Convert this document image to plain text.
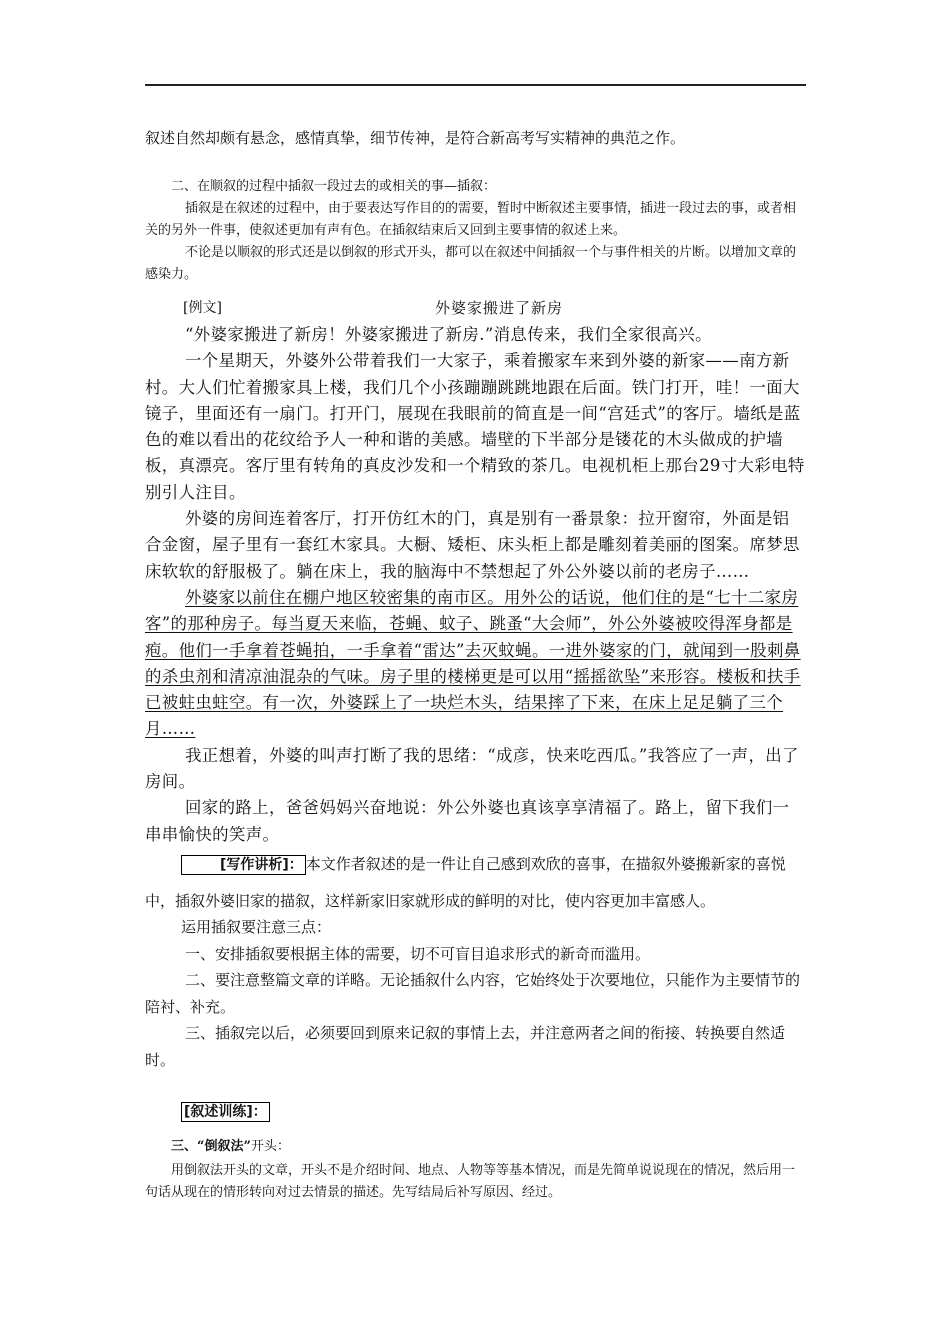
叙述自然却颇有悬念，感情真挚，细节传神，是符合新高考写实精神的典范之作。

二、在顺叙的过程中插叙一段过去的或相关的事—插叙：

插叙是在叙述的过程中，由于要表达写作目的的需要，暂时中断叙述主要事情，插进一段过去的事，或者相关的另外一件事，使叙述更加有声有色。在插叙结束后又回到主要事情的叙述上来。

不论是以顺叙的形式还是以倒叙的形式开头，都可以在叙述中间插叙一个与事件相关的片断。以增加文章的感染力。

[例文]	外婆家搬进了新房

“外婆家搬进了新房！外婆家搬进了新房.”消息传来，我们全家很高兴。

一个星期天，外婆外公带着我们一大家子，乘着搬家车来到外婆的新家——南方新村。大人们忙着搬家具上楼，我们几个小孩蹦蹦跳跳地跟在后面。铁门打开，哇！一面大镜子，里面还有一扇门。打开门，展现在我眼前的简直是一间“宫廷式”的客厅。墙纸是蓝色的难以看出的花纹给予人一种和谐的美感。墙壁的下半部分是镂花的木头做成的护墙板，真漂亮。客厅里有转角的真皮沙发和一个精致的茶几。电视机柜上那台29寸大彩电特别引人注目。

外婆的房间连着客厅，打开仿红木的门，真是别有一番景象：拉开窗帘，外面是铝合金窗，屋子里有一套红木家具。大橱、矮柜、床头柜上都是雕刻着美丽的图案。席梦思床软软的舒服极了。躺在床上，我的脑海中不禁想起了外公外婆以前的老房子……

外婆家以前住在棚户地区较密集的南市区。用外公的话说，他们住的是“七十二家房客”的那种房子。每当夏天来临，苍蝇、蚊子、跳蚤“大会师”，外公外婆被咬得浑身都是疱。他们一手拿着苍蝇拍，一手拿着“雷达”去灭蚊蝇。一进外婆家的门，就闻到一股刺鼻的杀虫剂和清凉油混杂的气味。房子里的楼梯更是可以用“摇摇欲坠”来形容。楼板和扶手已被蛀虫蛀空。有一次，外婆踩上了一块烂木头，结果摔了下来，在床上足足躺了三个月……

我正想着，外婆的叫声打断了我的思绪：“成彦，快来吃西瓜。”我答应了一声，出了房间。

回家的路上，爸爸妈妈兴奋地说：外公外婆也真该享享清福了。路上，留下我们一串串愉快的笑声。

[写作讲析]： 本文作者叙述的是一件让自己感到欢欣的喜事，在描叙外婆搬新家的喜悦中，插叙外婆旧家的描叙，这样新家旧家就形成的鲜明的对比，使内容更加丰富感人。

运用插叙要注意三点：

一、安排插叙要根据主体的需要，切不可盲目追求形式的新奇而滥用。

二、要注意整篇文章的详略。无论插叙什么内容，它始终处于次要地位，只能作为主要情节的陪衬、补充。

三、插叙完以后，必须要回到原来记叙的事情上去，并注意两者之间的衔接、转换要自然适时。

[叙述训练]：

三、“倒叙法”开头：

用倒叙法开头的文章，开头不是介绍时间、地点、人物等等基本情况，而是先简单说说现在的情况，然后用一句话从现在的情形转向对过去情景的描述。先写结局后补写原因、经过。
